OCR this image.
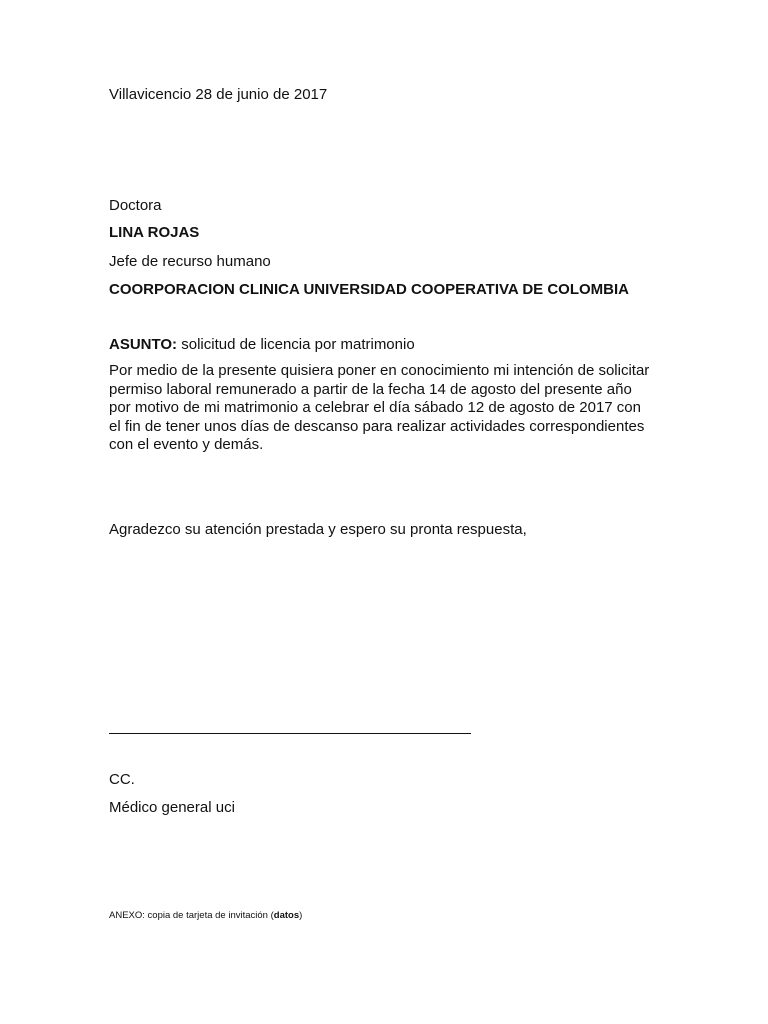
Villavicencio 28 de junio de 2017
Doctora
LINA ROJAS
Jefe de recurso humano
COORPORACION CLINICA UNIVERSIDAD COOPERATIVA DE COLOMBIA
ASUNTO: solicitud de licencia por matrimonio
Por medio de la presente quisiera poner en conocimiento mi intención de solicitar
permiso laboral remunerado a partir de la fecha 14 de agosto del presente año
por motivo de mi matrimonio a celebrar el día sábado 12 de agosto de 2017 con
el fin de tener unos días de descanso para realizar actividades correspondientes
con el evento y demás.
Agradezco su atención prestada y espero su pronta respuesta,
CC.
Médico general uci
ANEXO: copia de tarjeta de invitación (datos)
